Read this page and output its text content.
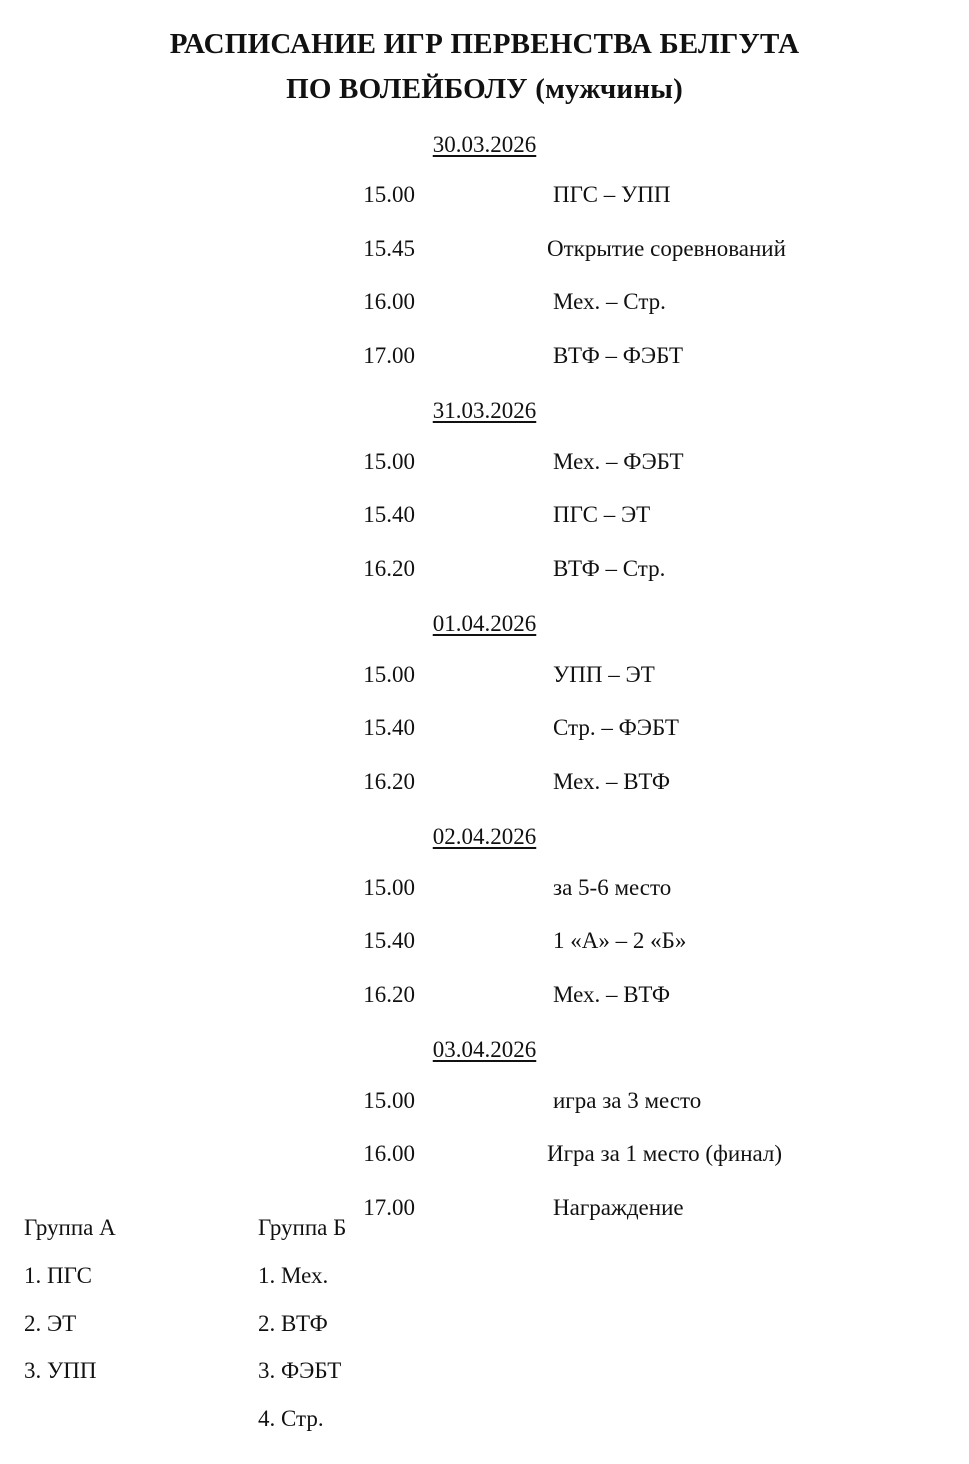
РАСПИСАНИЕ ИГР ПЕРВЕНСТВА БЕЛГУТА
ПО ВОЛЕЙБОЛУ (мужчины)
30.03.2026
15.00	ПГС – УПП
15.45	Открытие соревнований
16.00	Мех. – Стр.
17.00	ВТФ – ФЭБТ
31.03.2026
15.00	Мех. – ФЭБТ
15.40	ПГС – ЭТ
16.20	ВТФ – Стр.
01.04.2026
15.00	УПП – ЭТ
15.40	Стр. – ФЭБТ
16.20	Мех. – ВТФ
02.04.2026
15.00	за 5-6 место
15.40	1 «А» – 2 «Б»
16.20	Мех. – ВТФ
03.04.2026
15.00	игра за 3 место
16.00	Игра за 1 место (финал)
17.00	Награждение
Группа А
1. ПГС
2. ЭТ
3. УПП
Группа Б
1. Мех.
2. ВТФ
3. ФЭБТ
4. Стр.
